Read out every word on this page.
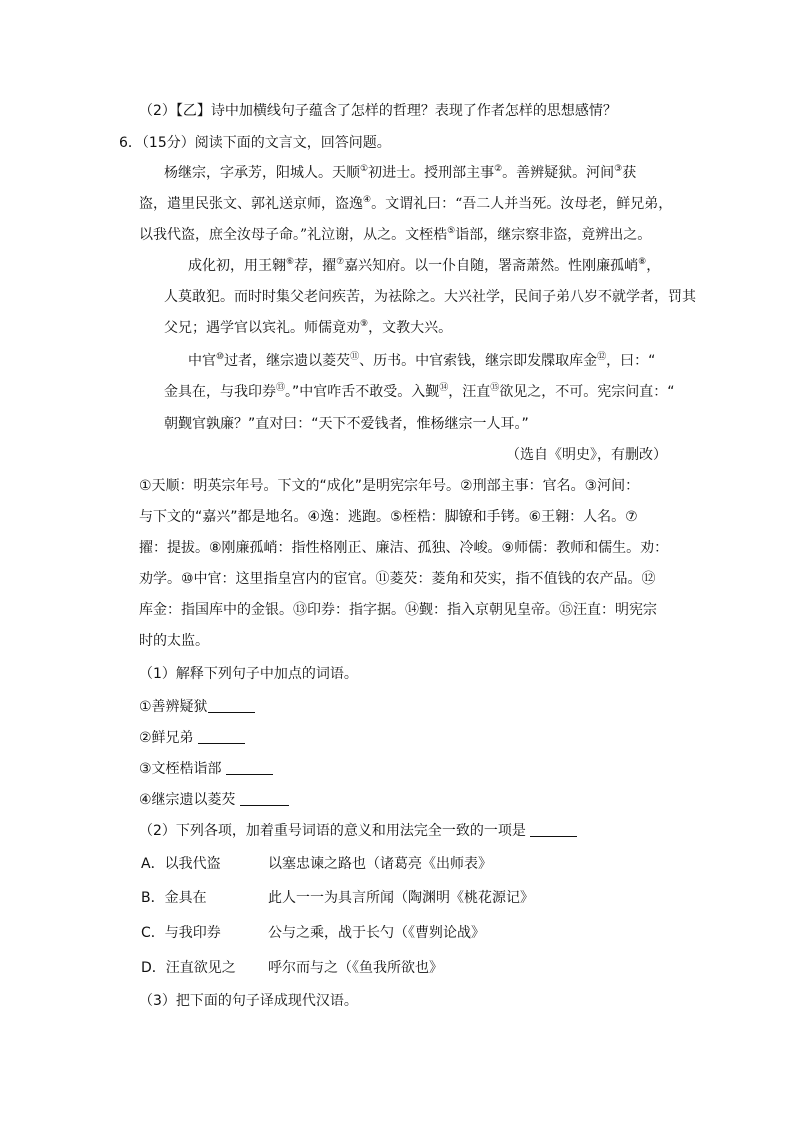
（2）【乙】诗中加横线句子蕴含了怎样的哲理？表现了作者怎样的思想感情？
6．（15分）阅读下面的文言文，回答问题。
杨继宗，字承芳，阳城人。天顺①初进士。授刑部主事②。善辨疑狱。河间③获
盗，遣里民张文、郭礼送京师，盗逸④。文谓礼曰：“吾二人并当死。汝母老，鲜兄弟，
以我代盗，庶全汝母子命。”礼泣谢，从之。文桎梏⑤诣部，继宗察非盗，竟辨出之。
成化初，用王翱⑥荐，擢⑦嘉兴知府。以一仆自随，署斋萧然。性刚廉孤峭⑧，
人莫敢犯。而时时集父老问疾苦，为祛除之。大兴社学，民间子弟八岁不就学者，罚其
父兄；遇学官以宾礼。师儒竟劝⑨，文教大兴。
中官⑩过者，继宗遗以菱芡⑪、历书。中官索钱，继宗即发牒取库金⑫，曰：“
金具在，与我印券⑬。”中官咋舌不敢受。入觐⑭，汪直⑮欲见之，不可。宪宗问直：“
朝觐官孰廉？”直对曰：“天下不爱钱者，惟杨继宗一人耳。”
（选自《明史》，有删改）
①天顺：明英宗年号。下文的“成化”是明宪宗年号。②刑部主事：官名。③河间：
与下文的“嘉兴”都是地名。④逸：逃跑。⑤桎梏：脚镣和手铐。⑥王翱：人名。⑦
擢：提拔。⑧刚廉孤峭：指性格刚正、廉洁、孤独、冷峻。⑨师儒：教师和儒生。劝：
劝学。⑩中官：这里指皇宫内的宦官。⑪菱芡：菱角和芡实，指不值钱的农产品。⑫
库金：指国库中的金银。⑬印券：指字据。⑭觐：指入京朝见皇帝。⑮汪直：明宪宗
时的太监。
（1）解释下列句子中加点的词语。
①善辨疑狱
②鲜兄弟
③文桎梏诣部
④继宗遗以菱芡
（2）下列各项，加着重号词语的意义和用法完全一致的一项是
A．以我代盗	以塞忠谏之路也（诸葛亮《出师表》
B．金具在	此人一一为具言所闻（陶渊明《桃花源记》
C．与我印券	公与之乘，战于长勺（《曹刿论战》
D．汪直欲见之 呼尔而与之（《鱼我所欲也》
（3）把下面的句子译成现代汉语。
